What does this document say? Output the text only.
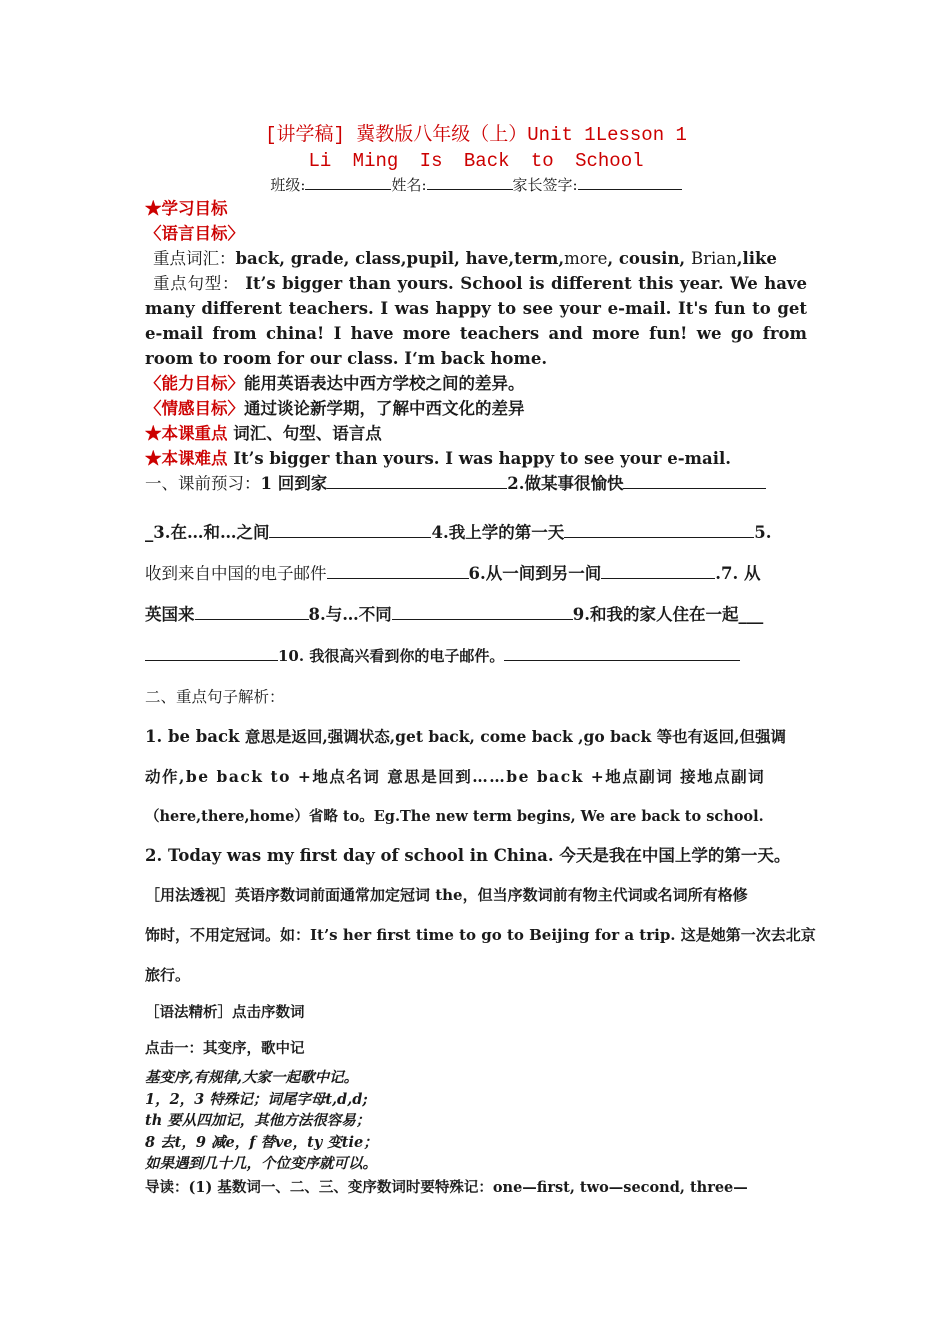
[讲学稿] 冀教版八年级（上）Unit 1Lesson 1
Li Ming Is Back to School
班级:	姓名:	家长签字:
★学习目标
〈语言目标〉
重点词汇：back, grade, class,pupil, have,term,more, cousin, Brian,like
重点句型： It’s bigger than yours. School is different this year. We have many different teachers. I was happy to see your e-mail. It's fun to get e-mail from china! I have more teachers and more fun! we go from room to room for our class. I‘m back home.
〈能力目标〉能用英语表达中西方学校之间的差异。
〈情感目标〉通过谈论新学期，了解中西文化的差异
★本课重点 词汇、句型、语言点
★本课难点 It’s bigger than yours. I was happy to see your e-mail.
一、课前预习：1 回到家	2.做某事很愉快
_3.在…和…之间	4.我上学的第一天	5.
收到来自中国的电子邮件	6.从一间到另一间	.7. 从
英国来	8.与…不同	9.和我的家人住在一起___
10. 我很高兴看到你的电子邮件。
二、重点句子解析：
1. be back 意思是返回,强调状态,get back, come back ,go back 等也有返回,但强调
动作,be back to +地点名词 意思是回到……be back +地点副词 接地点副词
（here,there,home）省略 to。Eg.The new term begins, We are back to school.
2. Today was my first day of school in China. 今天是我在中国上学的第一天。
［用法透视］英语序数词前面通常加定冠词 the，但当序数词前有物主代词或名词所有格修
饰时，不用定冠词。如：It’s her first time to go to Beijing for a trip. 这是她第一次去北京
旅行。
［语法精析］点击序数词
点击一：其变序，歌中记
基变序,有规律,大家一起歌中记。
1，2，3 特殊记；词尾字母t,d,d;
th 要从四加记，其他方法很容易；
8 去t，9 减e，f 替ve，ty 变tie；
如果遇到几十几，个位变序就可以。
导读：(1) 基数词一、二、三、变序数词时要特殊记：one—first, two—second, three—
